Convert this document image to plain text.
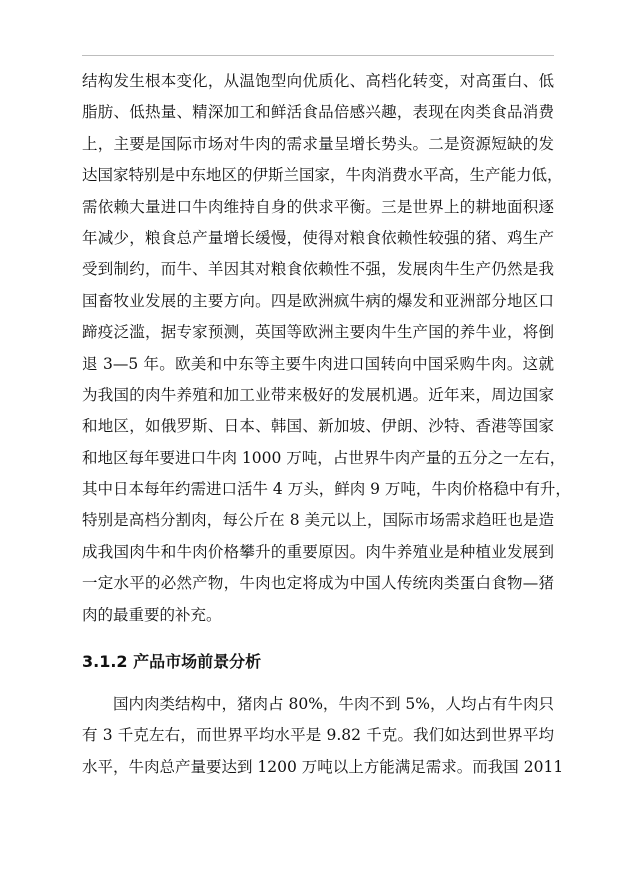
结构发生根本变化，从温饱型向优质化、高档化转变，对高蛋白、低
脂肪、低热量、精深加工和鲜活食品倍感兴趣，表现在肉类食品消费
上，主要是国际市场对牛肉的需求量呈增长势头。二是资源短缺的发
达国家特别是中东地区的伊斯兰国家，牛肉消费水平高，生产能力低，
需依赖大量进口牛肉维持自身的供求平衡。三是世界上的耕地面积逐
年减少，粮食总产量增长缓慢，使得对粮食依赖性较强的猪、鸡生产
受到制约，而牛、羊因其对粮食依赖性不强，发展肉牛生产仍然是我
国畜牧业发展的主要方向。四是欧洲疯牛病的爆发和亚洲部分地区口
蹄疫泛滥，据专家预测，英国等欧洲主要肉牛生产国的养牛业，将倒
退 3—5 年。欧美和中东等主要牛肉进口国转向中国采购牛肉。这就
为我国的肉牛养殖和加工业带来极好的发展机遇。近年来，周边国家
和地区，如俄罗斯、日本、韩国、新加坡、伊朗、沙特、香港等国家
和地区每年要进口牛肉 1000 万吨，占世界牛肉产量的五分之一左右，
其中日本每年约需进口活牛 4 万头，鲜肉 9 万吨，牛肉价格稳中有升，
特别是高档分割肉，每公斤在 8 美元以上，国际市场需求趋旺也是造
成我国肉牛和牛肉价格攀升的重要原因。肉牛养殖业是种植业发展到
一定水平的必然产物，牛肉也定将成为中国人传统肉类蛋白食物—猪
肉的最重要的补充。
3.1.2 产品市场前景分析
国内肉类结构中，猪肉占 80%，牛肉不到 5%，人均占有牛肉只
有 3 千克左右，而世界平均水平是 9.82 千克。我们如达到世界平均
水平，牛肉总产量要达到 1200 万吨以上方能满足需求。而我国 2011
